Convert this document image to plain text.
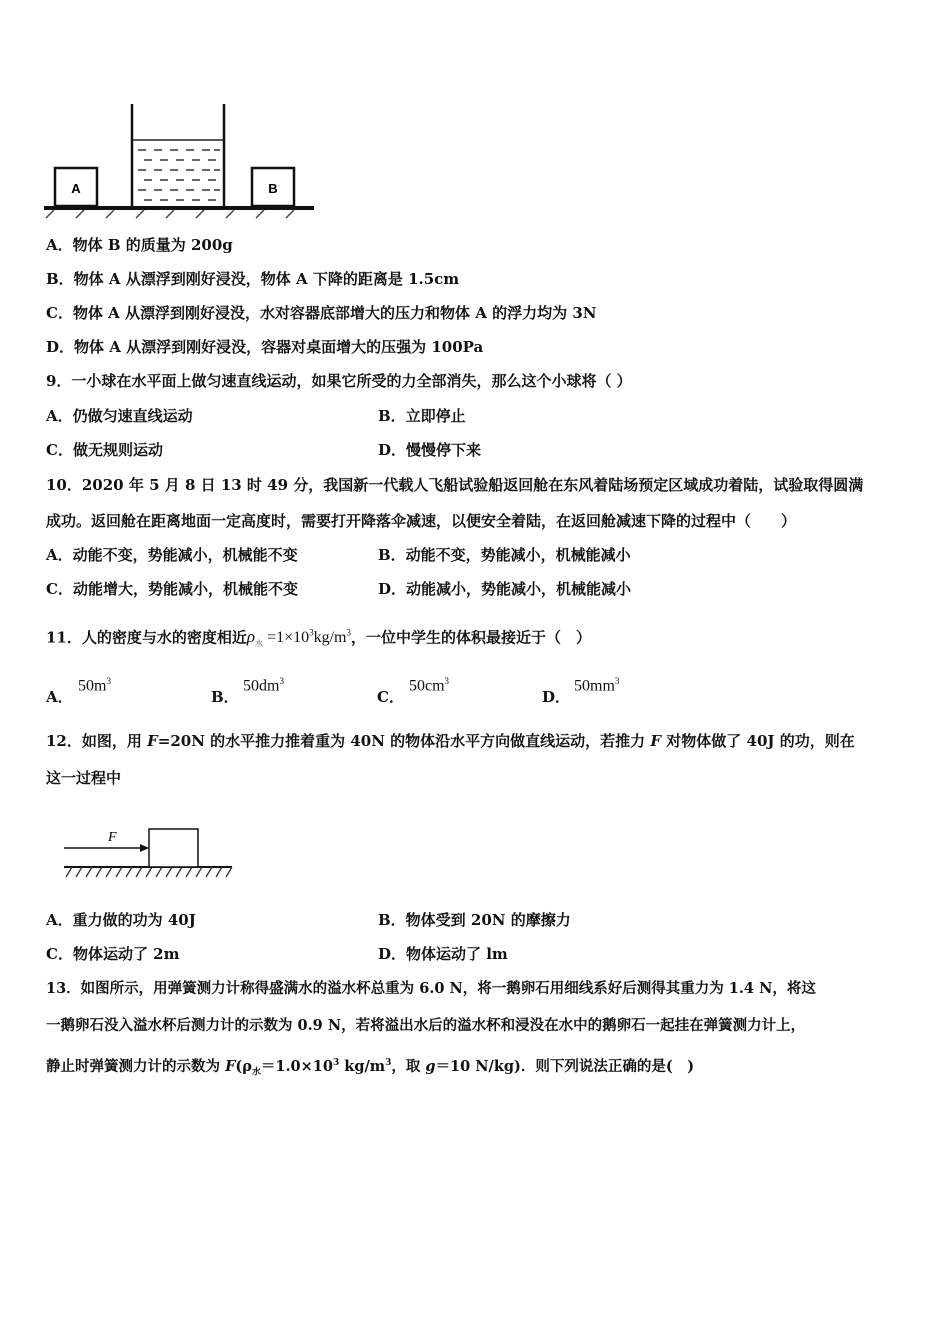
A	B
A．物体 B 的质量为 200g
B．物体 A 从漂浮到刚好浸没，物体 A 下降的距离是 1.5cm
C．物体 A 从漂浮到刚好浸没，水对容器底部增大的压力和物体 A 的浮力均为 3N
D．物体 A 从漂浮到刚好浸没，容器对桌面增大的压强为 100Pa
9．一小球在水平面上做匀速直线运动，如果它所受的力全部消失，那么这个小球将（ ）
A．仍做匀速直线运动	B．立即停止
C．做无规则运动	D．慢慢停下来
10．2020 年 5 月 8 日 13 时 49 分，我国新一代载人飞船试验船返回舱在东风着陆场预定区域成功着陆，试验取得圆满
成功。返回舱在距离地面一定高度时，需要打开降落伞减速，以便安全着陆，在返回舱减速下降的过程中（　　）
A．动能不变，势能减小，机械能不变	B．动能不变，势能减小，机械能减小
C．动能增大，势能减小，机械能不变	D．动能减小，势能减小，机械能减小
11．人的密度与水的密度相近$\rho_水 =1\times 10^3kg/m^3$，一位中学生的体积最接近于（　）
A．
$50m^3$
B．
$50dm^3$
C．
$50cm^3$
D．
$50mm^3$
12．如图，用 F=20N 的水平推力推着重为 40N 的物体沿水平方向做直线运动，若推力 F 对物体做了 40J 的功，则在
这一过程中
F
A．重力做的功为 40J	B．物体受到 20N 的摩擦力
C．物体运动了 2m	D．物体运动了 lm
13．如图所示，用弹簧测力计称得盛满水的溢水杯总重为 6.0 N，将一鹅卵石用细线系好后测得其重力为 1.4 N，将这
一鹅卵石没入溢水杯后测力计的示数为 0.9 N，若将溢出水后的溢水杯和浸没在水中的鹅卵石一起挂在弹簧测力计上，
静止时弹簧测力计的示数为 $F(\rho_水=1.0\times 10^3$ $kg/m^3$，取 g＝10 N/kg)．则下列说法正确的是(　)
